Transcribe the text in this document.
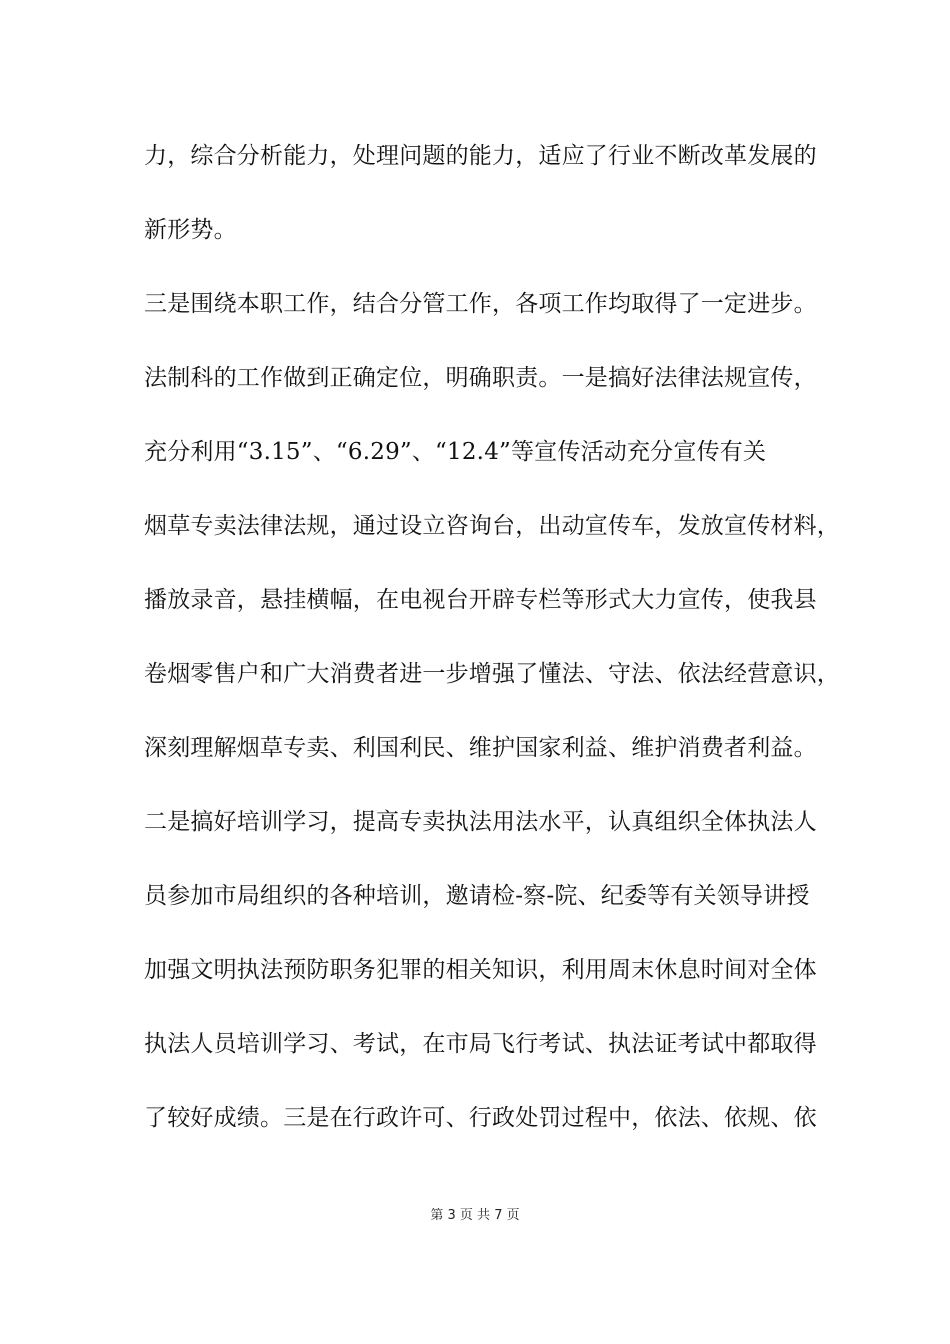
力，综合分析能力，处理问题的能力，适应了行业不断改革发展的
新形势。
三是围绕本职工作，结合分管工作，各项工作均取得了一定进步。
法制科的工作做到正确定位，明确职责。一是搞好法律法规宣传，
充分利用“3.15”、“6.29”、“12.4”等宣传活动充分宣传有关
烟草专卖法律法规，通过设立咨询台，出动宣传车，发放宣传材料，
播放录音，悬挂横幅，在电视台开辟专栏等形式大力宣传，使我县
卷烟零售户和广大消费者进一步增强了懂法、守法、依法经营意识，
深刻理解烟草专卖、利国利民、维护国家利益、维护消费者利益。
二是搞好培训学习，提高专卖执法用法水平，认真组织全体执法人
员参加市局组织的各种培训，邀请检-察-院、纪委等有关领导讲授
加强文明执法预防职务犯罪的相关知识，利用周末休息时间对全体
执法人员培训学习、考试，在市局飞行考试、执法证考试中都取得
了较好成绩。三是在行政许可、行政处罚过程中，依法、依规、依
第 3 页 共 7 页
